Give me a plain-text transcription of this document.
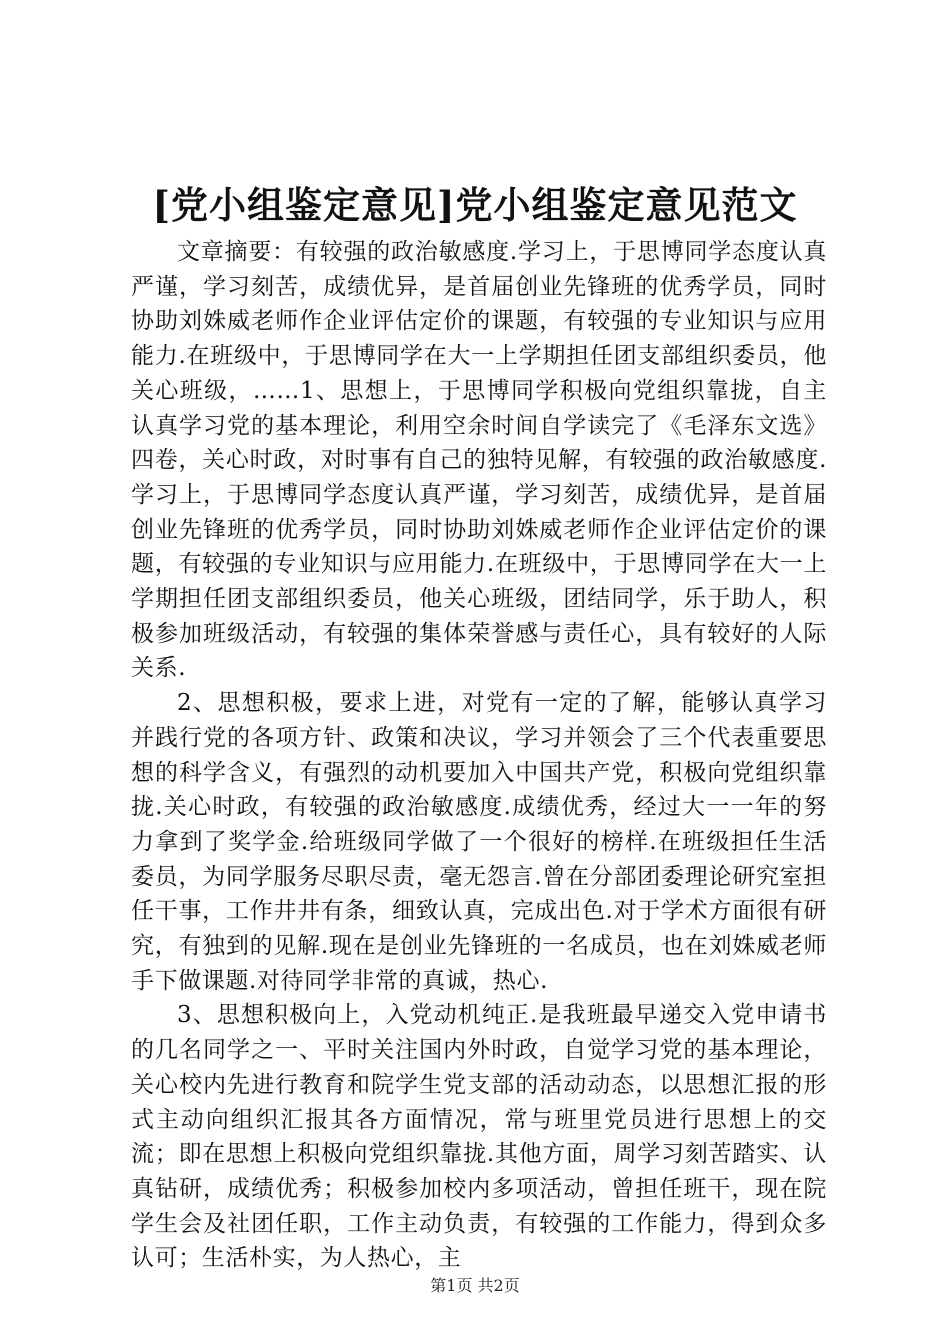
[党小组鉴定意见]党小组鉴定意见范文

文章摘要：有较强的政治敏感度.学习上，于思博同学态度认真严谨，学习刻苦，成绩优异，是首届创业先锋班的优秀学员，同时协助刘姝威老师作企业评估定价的课题，有较强的专业知识与应用能力.在班级中，于思博同学在大一上学期担任团支部组织委员，他关心班级，……1、思想上，于思博同学积极向党组织靠拢，自主认真学习党的基本理论，利用空余时间自学读完了《毛泽东文选》四卷，关心时政，对时事有自己的独特见解，有较强的政治敏感度.学习上，于思博同学态度认真严谨，学习刻苦，成绩优异，是首届创业先锋班的优秀学员，同时协助刘姝威老师作企业评估定价的课题，有较强的专业知识与应用能力.在班级中，于思博同学在大一上学期担任团支部组织委员，他关心班级，团结同学，乐于助人，积极参加班级活动，有较强的集体荣誉感与责任心，具有较好的人际关系.

2、思想积极，要求上进，对党有一定的了解，能够认真学习并践行党的各项方针、政策和决议，学习并领会了三个代表重要思想的科学含义，有强烈的动机要加入中国共产党，积极向党组织靠拢.关心时政，有较强的政治敏感度.成绩优秀，经过大一一年的努力拿到了奖学金.给班级同学做了一个很好的榜样.在班级担任生活委员，为同学服务尽职尽责，毫无怨言.曾在分部团委理论研究室担任干事，工作井井有条，细致认真，完成出色.对于学术方面很有研究，有独到的见解.现在是创业先锋班的一名成员，也在刘姝威老师手下做课题.对待同学非常的真诚，热心.

3、思想积极向上，入党动机纯正.是我班最早递交入党申请书的几名同学之一、平时关注国内外时政，自觉学习党的基本理论，关心校内先进行教育和院学生党支部的活动动态，以思想汇报的形式主动向组织汇报其各方面情况，常与班里党员进行思想上的交流；即在思想上积极向党组织靠拢.其他方面，周学习刻苦踏实、认真钻研，成绩优秀；积极参加校内多项活动，曾担任班干，现在院学生会及社团任职，工作主动负责，有较强的工作能力，得到众多认可；生活朴实，为人热心，主

第1页 共2页
